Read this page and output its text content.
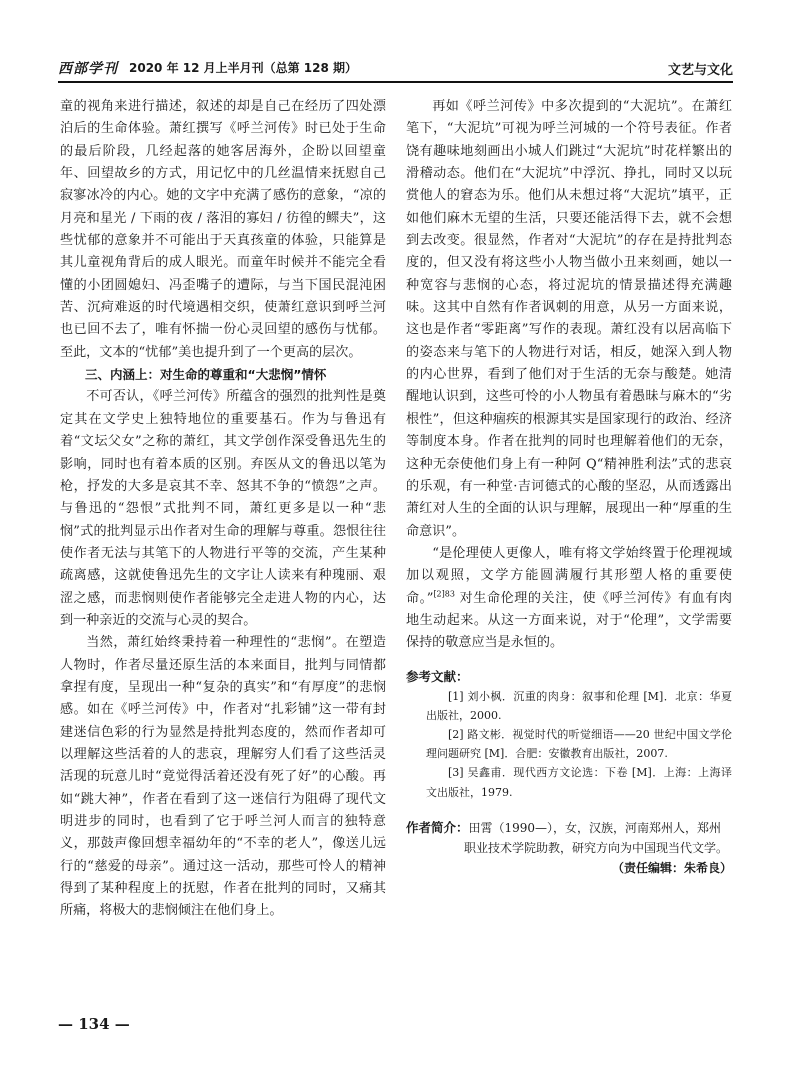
西部学刊 2020 年 12 月上半月刊（总第 128 期）	文艺与文化

童的视角来进行描述，叙述的却是自己在经历了四处漂泊后的生命体验。萧红撰写《呼兰河传》时已处于生命的最后阶段，几经起落的她客居海外，企盼以回望童年、回望故乡的方式，用记忆中的几丝温情来抚慰自己寂寥冰冷的内心。她的文字中充满了感伤的意象，“凉的月亮和星光 / 下雨的夜 / 落泪的寡妇 / 彷徨的鳏夫”，这些忧郁的意象并不可能出于天真孩童的体验，只能算是其儿童视角背后的成人眼光。而童年时候并不能完全看懂的小团圆媳妇、冯歪嘴子的遭际，与当下国民混沌困苦、沉疴难返的时代境遇相交织，使萧红意识到呼兰河也已回不去了，唯有怀揣一份心灵回望的感伤与忧郁。至此，文本的“忧郁”美也提升到了一个更高的层次。

三、内涵上：对生命的尊重和“大悲悯”情怀

不可否认，《呼兰河传》所蕴含的强烈的批判性是奠定其在文学史上独特地位的重要基石。作为与鲁迅有着“文坛父女”之称的萧红，其文学创作深受鲁迅先生的影响，同时也有着本质的区别。弃医从文的鲁迅以笔为枪，抒发的大多是哀其不幸、怒其不争的“愤怨”之声。与鲁迅的“怨恨”式批判不同，萧红更多是以一种“悲悯”式的批判显示出作者对生命的理解与尊重。怨恨往往使作者无法与其笔下的人物进行平等的交流，产生某种疏离感，这就使鲁迅先生的文字让人读来有种瑰丽、艰涩之感，而悲悯则使作者能够完全走进人物的内心，达到一种亲近的交流与心灵的契合。

当然，萧红始终秉持着一种理性的“悲悯”。在塑造人物时，作者尽量还原生活的本来面目，批判与同情都拿捏有度，呈现出一种“复杂的真实”和“有厚度”的悲悯感。如在《呼兰河传》中，作者对“扎彩铺”这一带有封建迷信色彩的行为显然是持批判态度的，然而作者却可以理解这些活着的人的悲哀，理解穷人们看了这些活灵活现的玩意儿时“竟觉得活着还没有死了好”的心酸。再如“跳大神”，作者在看到了这一迷信行为阻碍了现代文明进步的同时，也看到了它于呼兰河人而言的独特意义，那鼓声像回想幸福幼年的“不幸的老人”，像送儿远行的“慈爱的母亲”。通过这一活动，那些可怜人的精神得到了某种程度上的抚慰，作者在批判的同时，又痛其所痛，将极大的悲悯倾注在他们身上。

再如《呼兰河传》中多次提到的“大泥坑”。在萧红笔下，“大泥坑”可视为呼兰河城的一个符号表征。作者饶有趣味地刻画出小城人们跳过“大泥坑”时花样繁出的滑稽动态。他们在“大泥坑”中浮沉、挣扎，同时又以玩赏他人的窘态为乐。他们从未想过将“大泥坑”填平，正如他们麻木无望的生活，只要还能活得下去，就不会想到去改变。很显然，作者对“大泥坑”的存在是持批判态度的，但又没有将这些小人物当做小丑来刻画，她以一种宽容与悲悯的心态，将过泥坑的情景描述得充满趣味。这其中自然有作者讽刺的用意，从另一方面来说，这也是作者“零距离”写作的表现。萧红没有以居高临下的姿态来与笔下的人物进行对话，相反，她深入到人物的内心世界，看到了他们对于生活的无奈与酸楚。她清醒地认识到，这些可怜的小人物虽有着愚昧与麻木的“劣根性”，但这种痼疾的根源其实是国家现行的政治、经济等制度本身。作者在批判的同时也理解着他们的无奈，这种无奈使他们身上有一种阿 Q“精神胜利法”式的悲哀的乐观，有一种堂·吉诃德式的心酸的坚忍，从而透露出萧红对人生的全面的认识与理解，展现出一种“厚重的生命意识”。

“是伦理使人更像人，唯有将文学始终置于伦理视域加以观照，文学方能圆满履行其形塑人格的重要使命。”$^{[2]83}$ 对生命伦理的关注，使《呼兰河传》有血有肉地生动起来。从这一方面来说，对于“伦理”，文学需要保持的敬意应当是永恒的。

参考文献：

[1] 刘小枫．沉重的肉身：叙事和伦理 [M]．北京：华夏出版社，2000.

[2] 路文彬．视觉时代的听觉细语——20 世纪中国文学伦理问题研究 [M]．合肥：安徽教育出版社，2007.

[3] 吴鑫甫．现代西方文论选：下卷 [M]．上海：上海译文出版社，1979.

作者简介：田霄（1990—），女，汉族，河南郑州人，郑州职业技术学院助教，研究方向为中国现当代文学。
（责任编辑：朱希良）
— 134 —
